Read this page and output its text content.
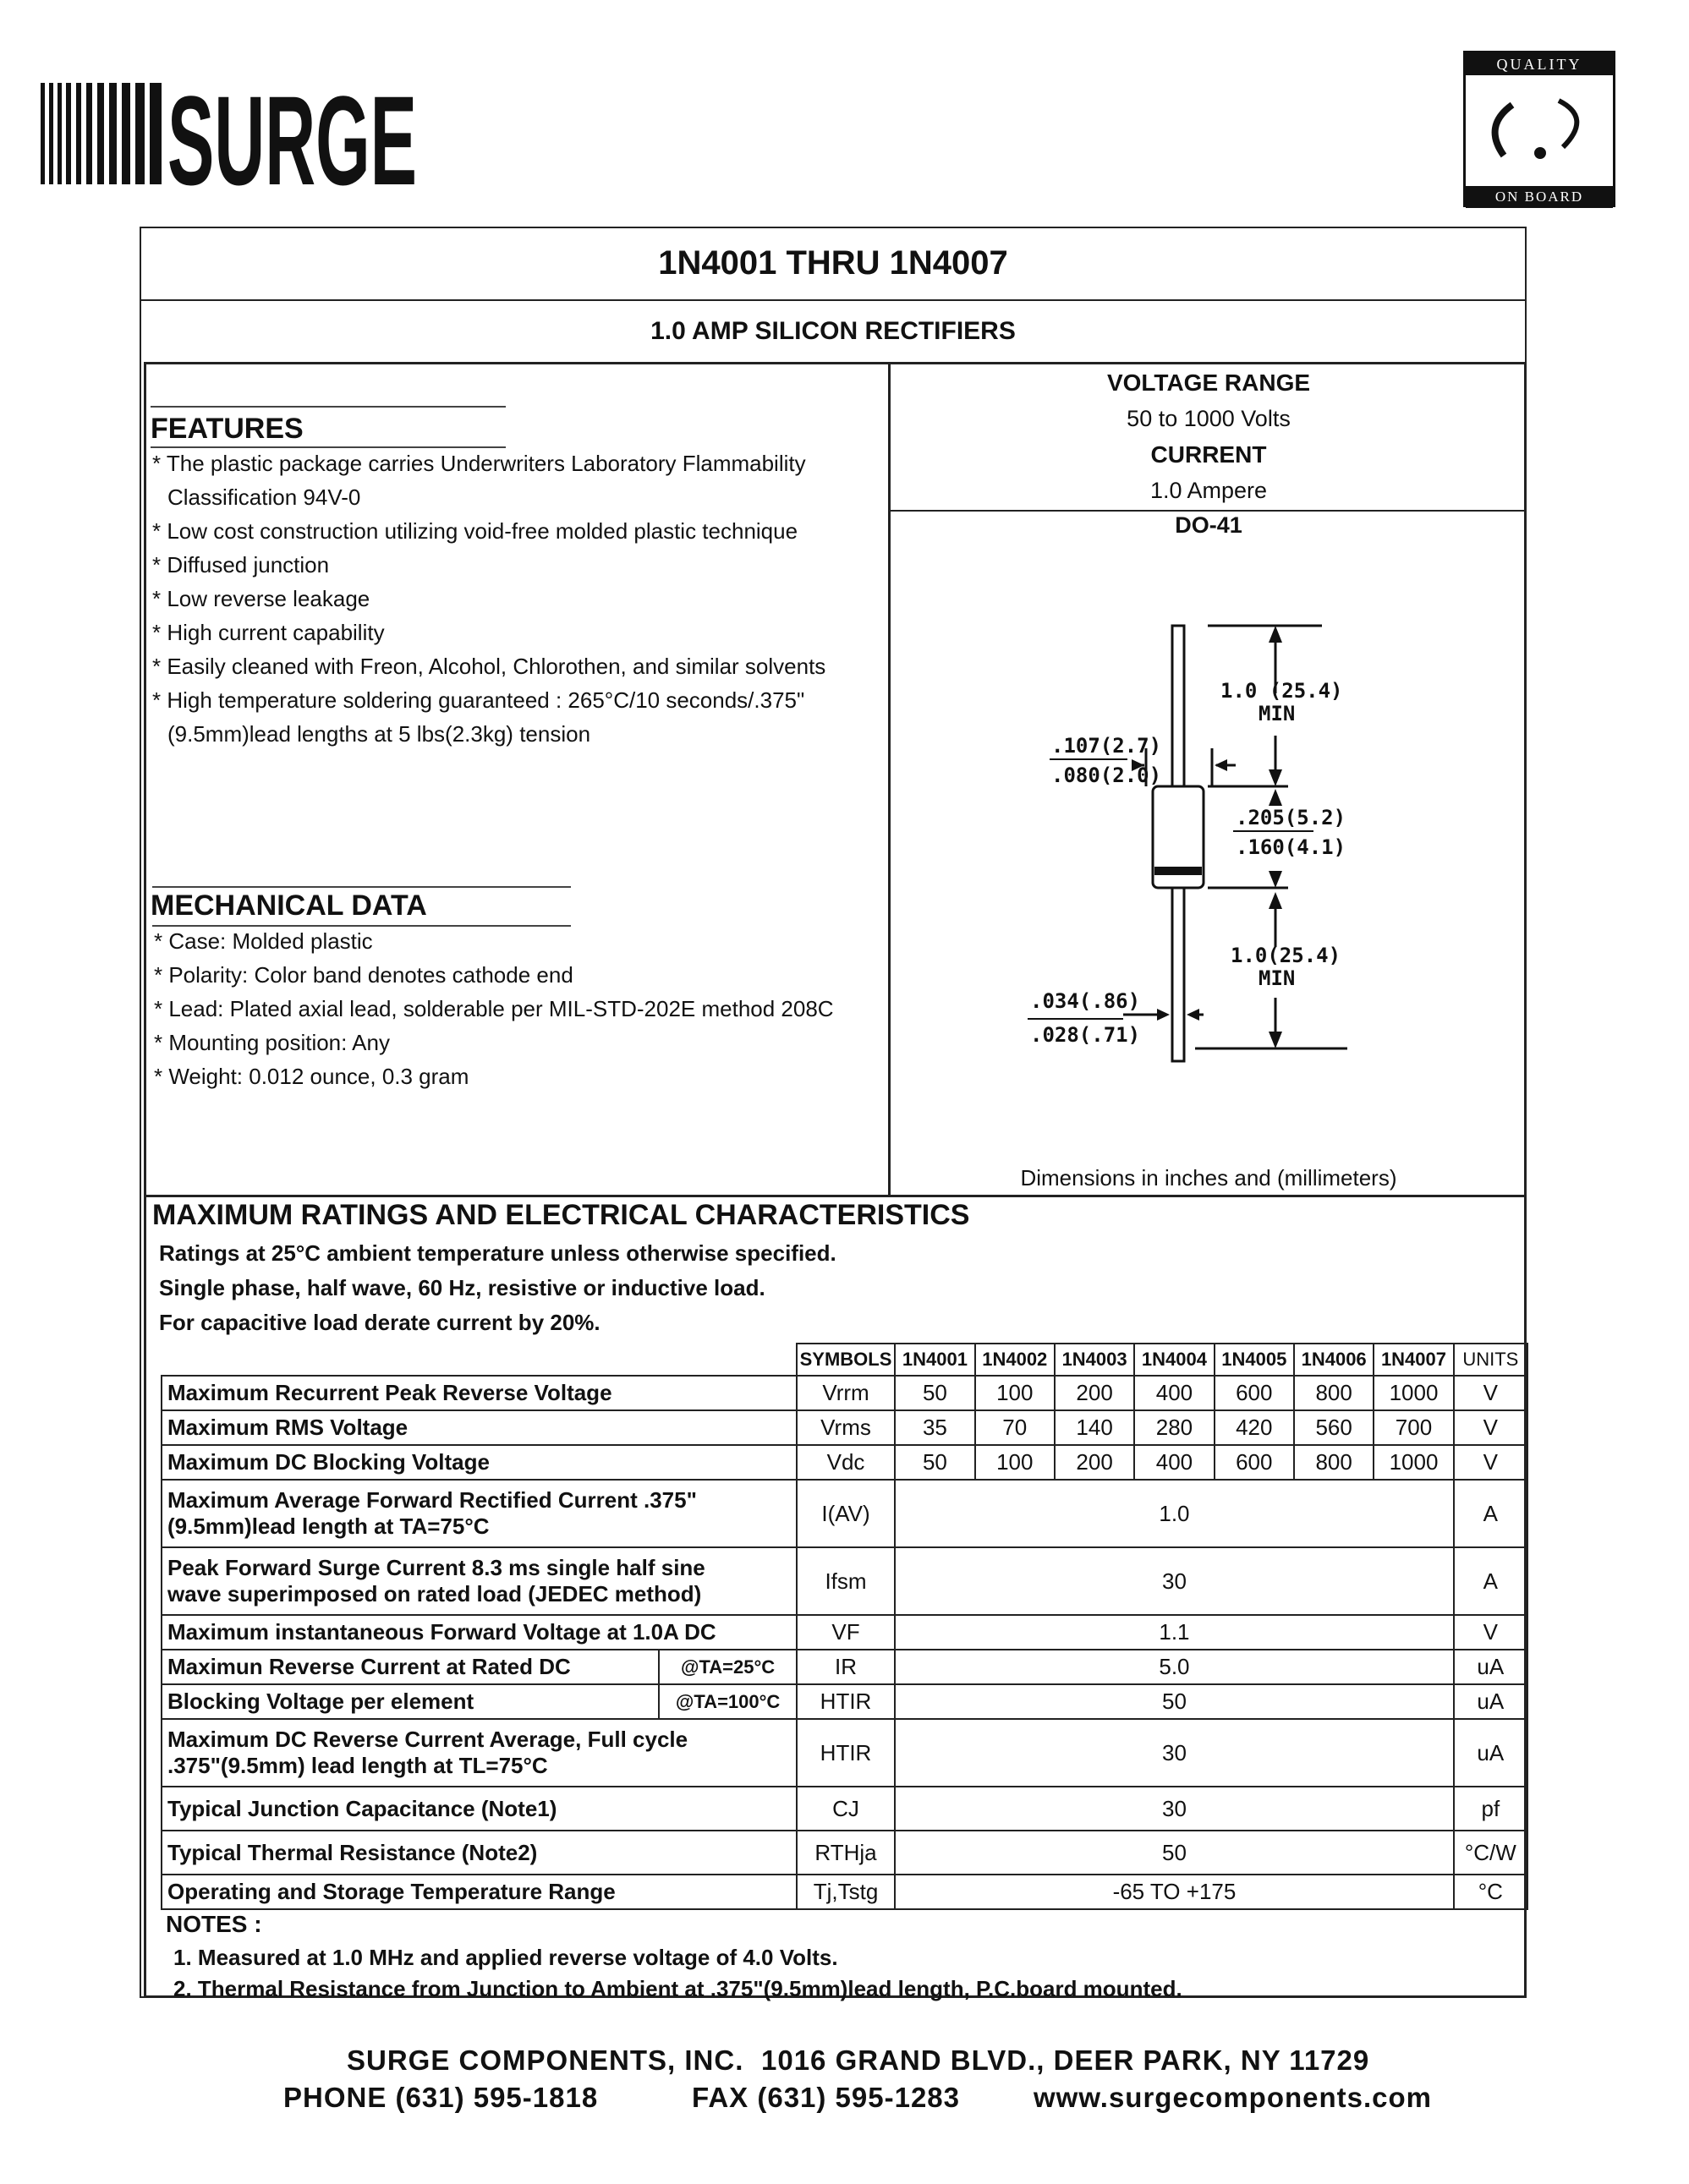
SURGE
QUALITY
ON BOARD
1N4001 THRU 1N4007
1.0 AMP SILICON RECTIFIERS
VOLTAGE RANGE
50 to 1000 Volts
CURRENT
1.0 Ampere
DO-41
FEATURES
* The plastic package carries Underwriters Laboratory Flammability Classification 94V-0
* Low cost construction utilizing void-free molded plastic technique
* Diffused junction
* Low reverse leakage
* High current capability
* Easily cleaned with Freon, Alcohol, Chlorothen, and similar solvents
* High temperature soldering guaranteed : 265°C/10 seconds/.375"(9.5mm)lead lengths at 5 lbs(2.3kg) tension
MECHANICAL DATA
* Case: Molded plastic
* Polarity: Color band denotes cathode end
* Lead: Plated axial lead, solderable per MIL-STD-202E method 208C
* Mounting position: Any
* Weight: 0.012 ounce, 0.3 gram
.107(2.7)
.080(2.0)
1.0 (25.4)
MIN
.205(5.2)
.160(4.1)
1.0(25.4)
MIN
.034(.86)
.028(.71)
Dimensions in inches and (millimeters)
MAXIMUM RATINGS AND ELECTRICAL CHARACTERISTICS
Ratings at 25°C ambient temperature unless otherwise specified.
Single phase, half wave, 60 Hz, resistive or inductive load.
For capacitive load derate current by 20%.
		SYMBOLS	1N4001	1N4002	1N4003	1N4004	1N4005	1N4006	1N4007	UNITS
Maximum Recurrent Peak Reverse Voltage		Vrrm	50	100	200	400	600	800	1000	V
Maximum RMS Voltage		Vrms	35	70	140	280	420	560	700	V
Maximum DC Blocking Voltage		Vdc	50	100	200	400	600	800	1000	V

Maximum Average Forward Rectified Current .375"
(9.5mm)lead length at TA=75°C		I(AV)	1.0							A

Peak Forward Surge Current 8.3 ms single half sine
wave superimposed on rated load (JEDEC method)		Ifsm	30							A
Maximum instantaneous Forward Voltage at 1.0A DC		VF	1.1							V
Maximun Reverse Current at Rated DC	@TA=25°C	IR	5.0							uA
Blocking Voltage per element	@TA=100°C	HTIR	50							uA

Maximum DC Reverse Current Average, Full cycle
.375"(9.5mm) lead length at TL=75°C		HTIR	30							uA
Typical Junction Capacitance (Note1)		CJ	30							pf
Typical Thermal Resistance (Note2)		RTHja	50							°C/W
Operating and Storage Temperature Range		Tj,Tstg	-65 TO +175							°C
NOTES :
1. Measured at 1.0 MHz and applied reverse voltage of 4.0 Volts.
2. Thermal Resistance from Junction to Ambient at .375"(9.5mm)lead length, P.C.board mounted.
SURGE COMPONENTS, INC. 1016 GRAND BLVD., DEER PARK, NY 11729
PHONE (631) 595-1818	FAX (631) 595-1283	www.surgecomponents.com
